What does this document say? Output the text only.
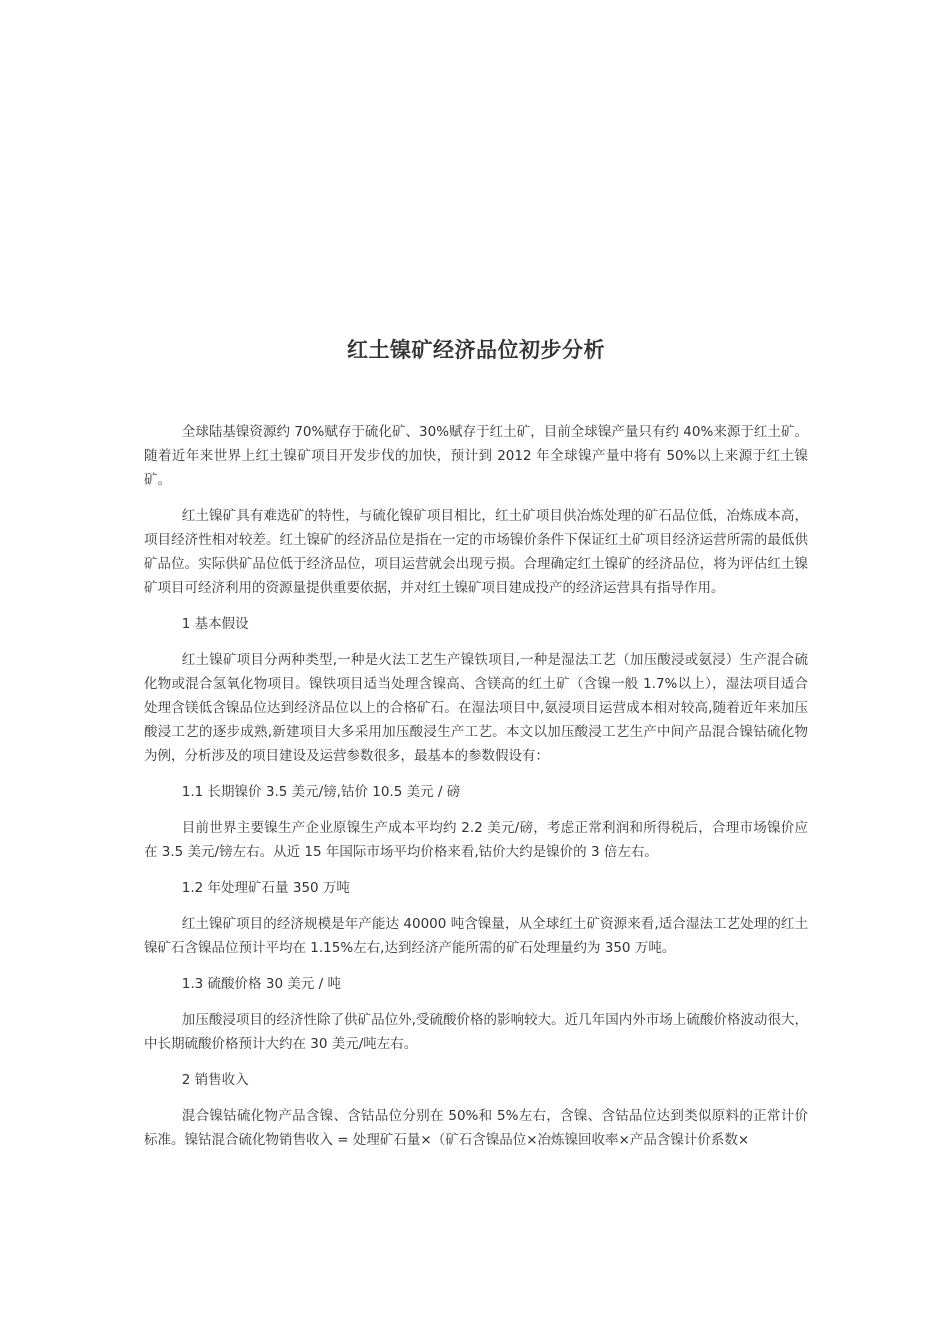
红土镍矿经济品位初步分析

全球陆基镍资源约 70%赋存于硫化矿、30%赋存于红土矿，目前全球镍产量只有约 40%来源于红土矿。随着近年来世界上红土镍矿项目开发步伐的加快，预计到 2012 年全球镍产量中将有 50%以上来源于红土镍矿。

红土镍矿具有难选矿的特性，与硫化镍矿项目相比，红土矿项目供冶炼处理的矿石品位低，冶炼成本高，项目经济性相对较差。红土镍矿的经济品位是指在一定的市场镍价条件下保证红土矿项目经济运营所需的最低供矿品位。实际供矿品位低于经济品位，项目运营就会出现亏损。合理确定红土镍矿的经济品位，将为评估红土镍矿项目可经济利用的资源量提供重要依据，并对红土镍矿项目建成投产的经济运营具有指导作用。

1 基本假设

红土镍矿项目分两种类型,一种是火法工艺生产镍铁项目,一种是湿法工艺（加压酸浸或氨浸）生产混合硫化物或混合氢氧化物项目。镍铁项目适当处理含镍高、含镁高的红土矿（含镍一般 1.7%以上），湿法项目适合处理含镁低含镍品位达到经济品位以上的合格矿石。在湿法项目中,氨浸项目运营成本相对较高,随着近年来加压酸浸工艺的逐步成熟,新建项目大多采用加压酸浸生产工艺。本文以加压酸浸工艺生产中间产品混合镍钴硫化物为例，分析涉及的项目建设及运营参数很多，最基本的参数假设有：

1.1 长期镍价 3.5 美元/镑,钴价 10.5 美元 / 磅

目前世界主要镍生产企业原镍生产成本平均约 2.2 美元/磅，考虑正常利润和所得税后，合理市场镍价应在 3.5 美元/镑左右。从近 15 年国际市场平均价格来看,钴价大约是镍价的 3 倍左右。

1.2 年处理矿石量 350 万吨

红土镍矿项目的经济规模是年产能达 40000 吨含镍量，从全球红土矿资源来看,适合湿法工艺处理的红土镍矿石含镍品位预计平均在 1.15%左右,达到经济产能所需的矿石处理量约为 350 万吨。

1.3 硫酸价格 30 美元 / 吨

加压酸浸项目的经济性除了供矿品位外,受硫酸价格的影响较大。近几年国内外市场上硫酸价格波动很大，中长期硫酸价格预计大约在 30 美元/吨左右。

2 销售收入

混合镍钴硫化物产品含镍、含钴品位分别在 50%和 5%左右，含镍、含钴品位达到类似原料的正常计价标准。镍钴混合硫化物销售收入 = 处理矿石量×（矿石含镍品位×冶炼镍回收率×产品含镍计价系数×
